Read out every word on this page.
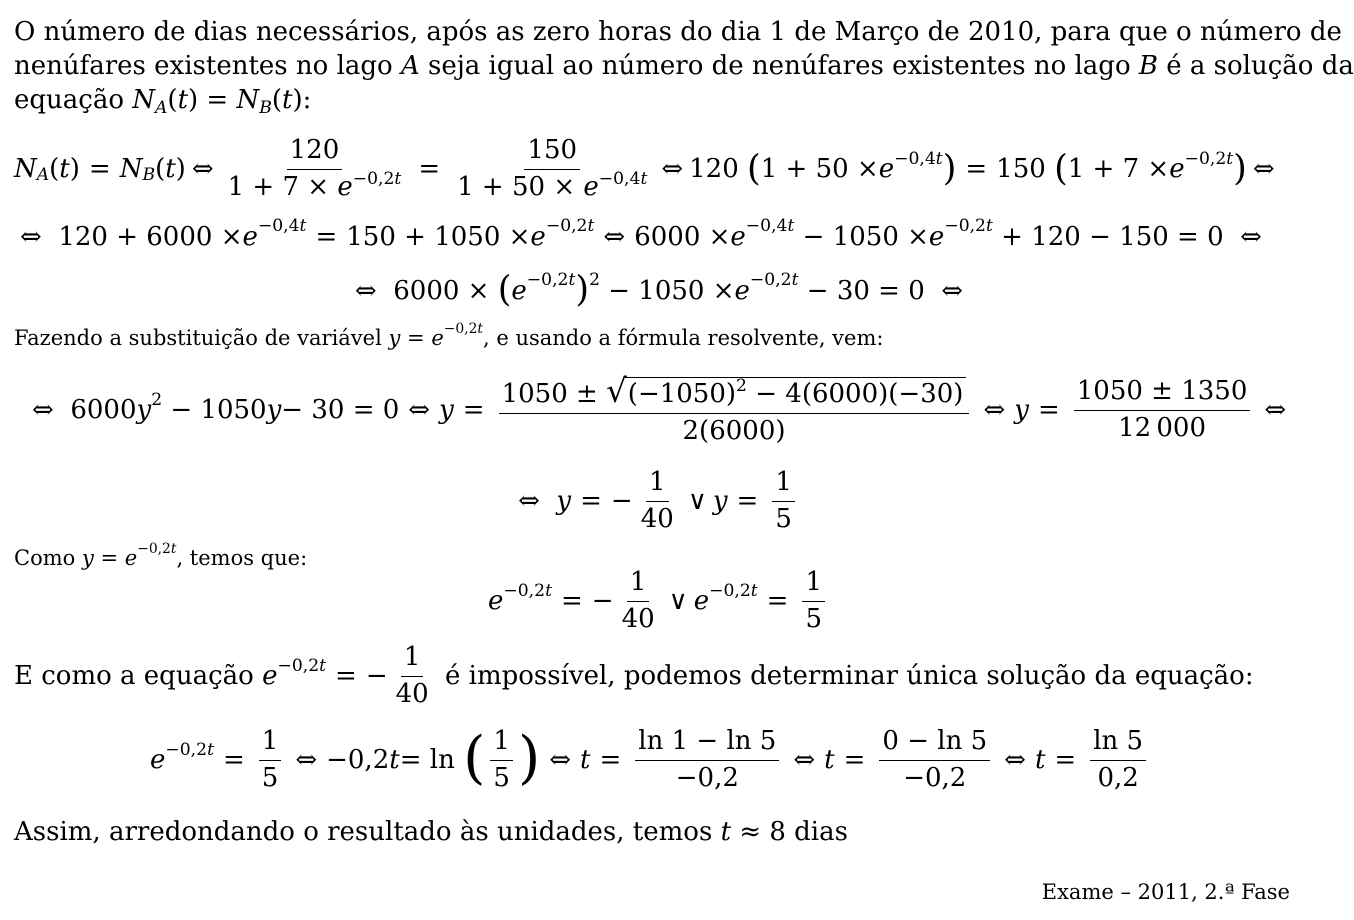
O número de dias necessários, após as zero horas do dia 1 de Março de 2010, para que o número de
nenúfares existentes no lago A seja igual ao número de nenúfares existentes no lago B é a solução da
equação $N_A(t) = N_B(t)$:
N $_A$ ( t ) = N $_B$ ( t ) ⇔ $\frac{120}{1 + 7 \times e^{-0,2t}} = \frac{150}{1 + 50 \times e^{-0,4t}}$ ⇔ 120 ( $1 + 50 \times e^{-0,4t}$ ) = 150 ( $1 + 7 \times e^{-0,2t}$ ) ⇔
⇔  $120 + 6000 \times e^{-0,4t} = 150 + 1050 \times e^{-0,2t}$ ⇔ $6000 \times e^{-0,4t} - 1050 \times e^{-0,2t} + 120 - 150 = 0$  ⇔
⇔  6000 × ( $e^{-0,2t}$ )$^2 - 1050 \times e^{-0,2t} - 30 = 0$  ⇔
Fazendo a substituição de variável $y = e^{-0,2t}$ , e usando a fórmula resolvente, vem:
⇔  6000 $y^2 - 1050$ y − 30 = 0 ⇔ $y = \frac{1050 \pm √(-1050)^2 - 4(6000)(-30)}{2(6000)}$ ⇔ $y = \frac{1050 \pm 1350}{12 000}$ ⇔
⇔ y = − $\frac{1}{40}$ ∨ $y = \frac{1}{5}$
Como $y = e^{-0,2t}$ , temos que:
$e^{-0,2t}$ = − $\frac{1}{40}$ ∨ $e^{-0,2t} = \frac{1}{5}$
E como a equação $e^{-0,2t}$ = − $\frac{1}{40}$ é impossível, podemos determinar única solução da equação:
$e^{-0,2t} = \frac{1}{5}$ ⇔ −0,2 t = ln ( $\frac{1}{5}$ ) ⇔ $t = \frac{\ln 1 - \ln 5}{-0,2}$ ⇔ $t = \frac{0 - \ln 5}{-0,2}$ ⇔ $t = \frac{\ln 5}{0,2}$
Assim, arredondando o resultado às unidades, temos t ≈ 8 dias
Exame – 2011, 2.ª Fase
